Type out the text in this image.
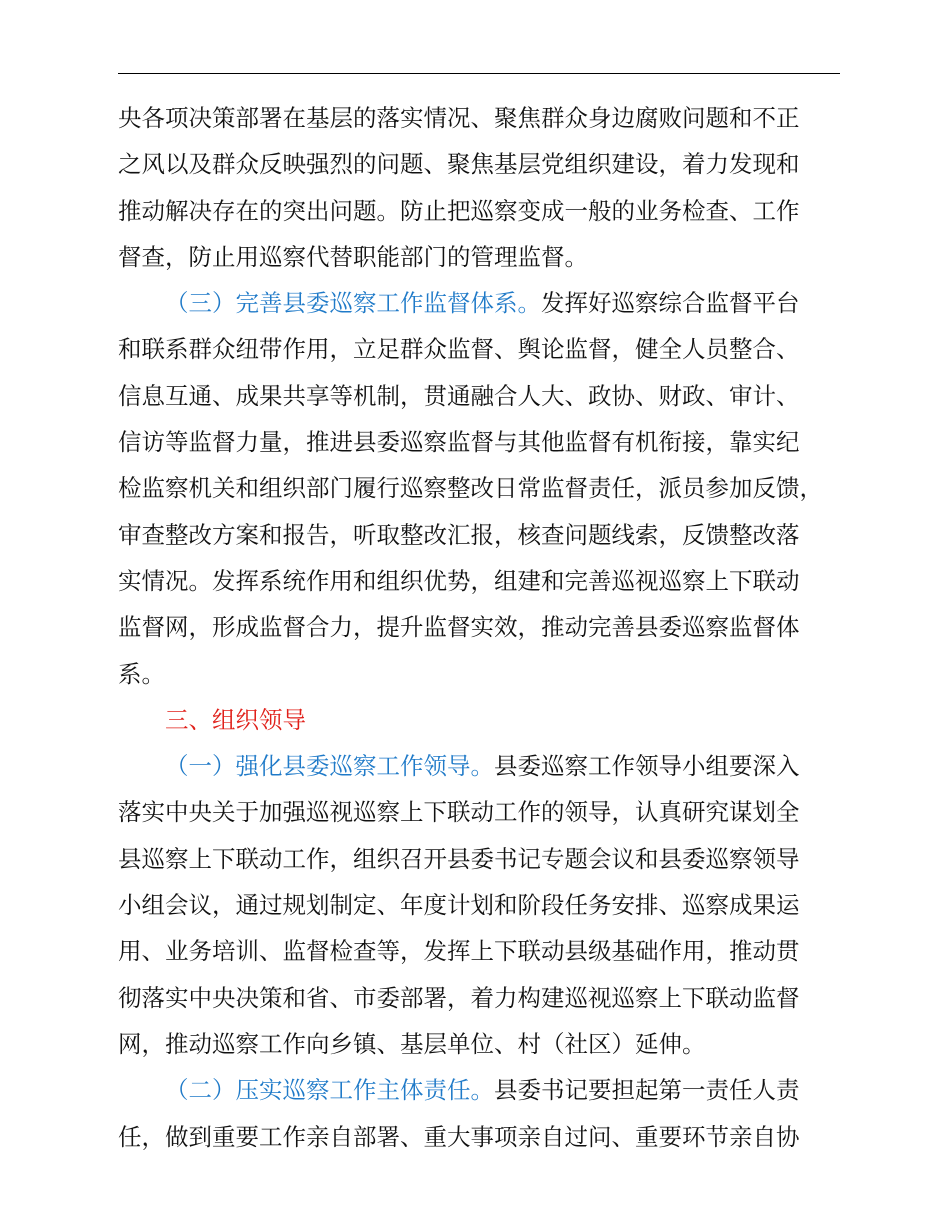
央各项决策部署在基层的落实情况、聚焦群众身边腐败问题和不正
之风以及群众反映强烈的问题、聚焦基层党组织建设，着力发现和
推动解决存在的突出问题。防止把巡察变成一般的业务检查、工作
督查，防止用巡察代替职能部门的管理监督。
（三）完善县委巡察工作监督体系。发挥好巡察综合监督平台
和联系群众纽带作用，立足群众监督、舆论监督，健全人员整合、
信息互通、成果共享等机制，贯通融合人大、政协、财政、审计、
信访等监督力量，推进县委巡察监督与其他监督有机衔接，靠实纪
检监察机关和组织部门履行巡察整改日常监督责任，派员参加反馈，
审查整改方案和报告，听取整改汇报，核查问题线索，反馈整改落
实情况。发挥系统作用和组织优势，组建和完善巡视巡察上下联动
监督网，形成监督合力，提升监督实效，推动完善县委巡察监督体
系。
三、组织领导
（一）强化县委巡察工作领导。县委巡察工作领导小组要深入
落实中央关于加强巡视巡察上下联动工作的领导，认真研究谋划全
县巡察上下联动工作，组织召开县委书记专题会议和县委巡察领导
小组会议，通过规划制定、年度计划和阶段任务安排、巡察成果运
用、业务培训、监督检查等，发挥上下联动县级基础作用，推动贯
彻落实中央决策和省、市委部署，着力构建巡视巡察上下联动监督
网，推动巡察工作向乡镇、基层单位、村（社区）延伸。
（二）压实巡察工作主体责任。县委书记要担起第一责任人责
任，做到重要工作亲自部署、重大事项亲自过问、重要环节亲自协
